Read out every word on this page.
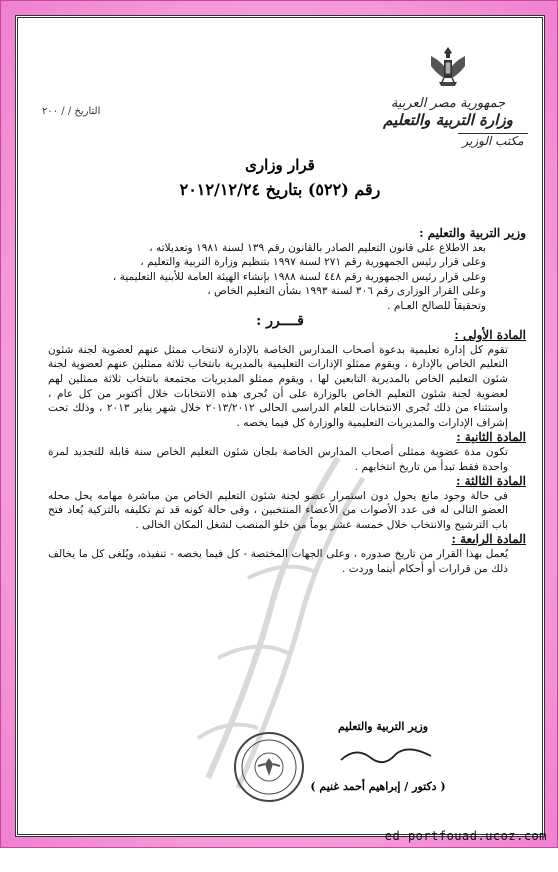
جمهورية مصر العربية
وزارة التربية والتعليم
مكتب الوزير
التاريخ / / ٢٠٠
قرار وزارى
رقم (٥٢٢) بتاريخ ٢٠١٢/١٢/٢٤

وزير التربية والتعليم :

بعد الاطلاع على قانون التعليم الصادر بالقانون رقم ١٣٩ لسنة ١٩٨١ وتعديلاته ،

وعلى قرار رئيس الجمهورية رقم ٢٧١ لسنة ١٩٩٧ بتنظيم وزارة التربية والتعليم ،

وعلى قرار رئيس الجمهورية رقم ٤٤٨ لسنة ١٩٨٨ بإنشاء الهيئة العامة للأبنية التعليمية ،

وعلى القرار الوزارى رقم ٣٠٦ لسنة ١٩٩٣ بشأن التعليم الخاص ،

وتحقيقاً للصالح العـام .

قــــرر :

المادة الأولى :

تقوم كل إدارة تعليمية بدعوة أصحاب المدارس الخاصة بالإدارة لانتخاب ممثل عنهم لعضوية لجنة شئون التعليم الخاص بالإدارة ، ويقوم ممثلو الإدارات التعليمية بالمديرية بانتخاب ثلاثة ممثلين عنهم لعضوية لجنة شئون التعليم الخاص بالمديرية التابعين لها ، ويقوم ممثلو المديريات مجتمعة بانتخاب ثلاثة ممثلين لهم لعضوية لجنة شئون التعليم الخاص بالوزارة على أن تُجرى هذه الانتخابات خلال أكتوبر من كل عام ، واستثناء من ذلك تُجرى الانتخابات للعام الدراسى الحالى ٢٠١٣/٢٠١٢ خلال شهر يناير ٢٠١٣ ، وذلك تحت إشراف الإدارات والمديريات التعليمية والوزارة كل فيما يخصه .

المادة الثانية :

تكون مدة عضوية ممثلى أصحاب المدارس الخاصة بلجان شئون التعليم الخاص سنة قابلة للتجديد لمرة واحدة فقط تبدأ من تاريخ انتخابهم .

المادة الثالثة :

فى حالة وجود مانع يحول دون استمرار عضو لجنة شئون التعليم الخاص من مباشرة مهامه يحل محله العضو التالى له فى عدد الأصوات من الأعضاء المنتخبين ، وفى حالة كونه قد تم تكليفه بالتزكية يُعاد فتح باب الترشيح والانتخاب خلال خمسة عشر يوماً من خلو المنصب لشغل المكان الخالى .

المادة الرابعة :

يُعمل بهذا القرار من تاريخ صدوره ، وعلى الجهات المختصة - كل فيما يخصه - تنفيذه، ويُلغى كل ما يخالف ذلك من قرارات أو أحكام أينما وردت .

وزير التربية والتعليم
( دكتور / إبراهيم أحمد غنيم )
ed-portfouad.ucoz.com
